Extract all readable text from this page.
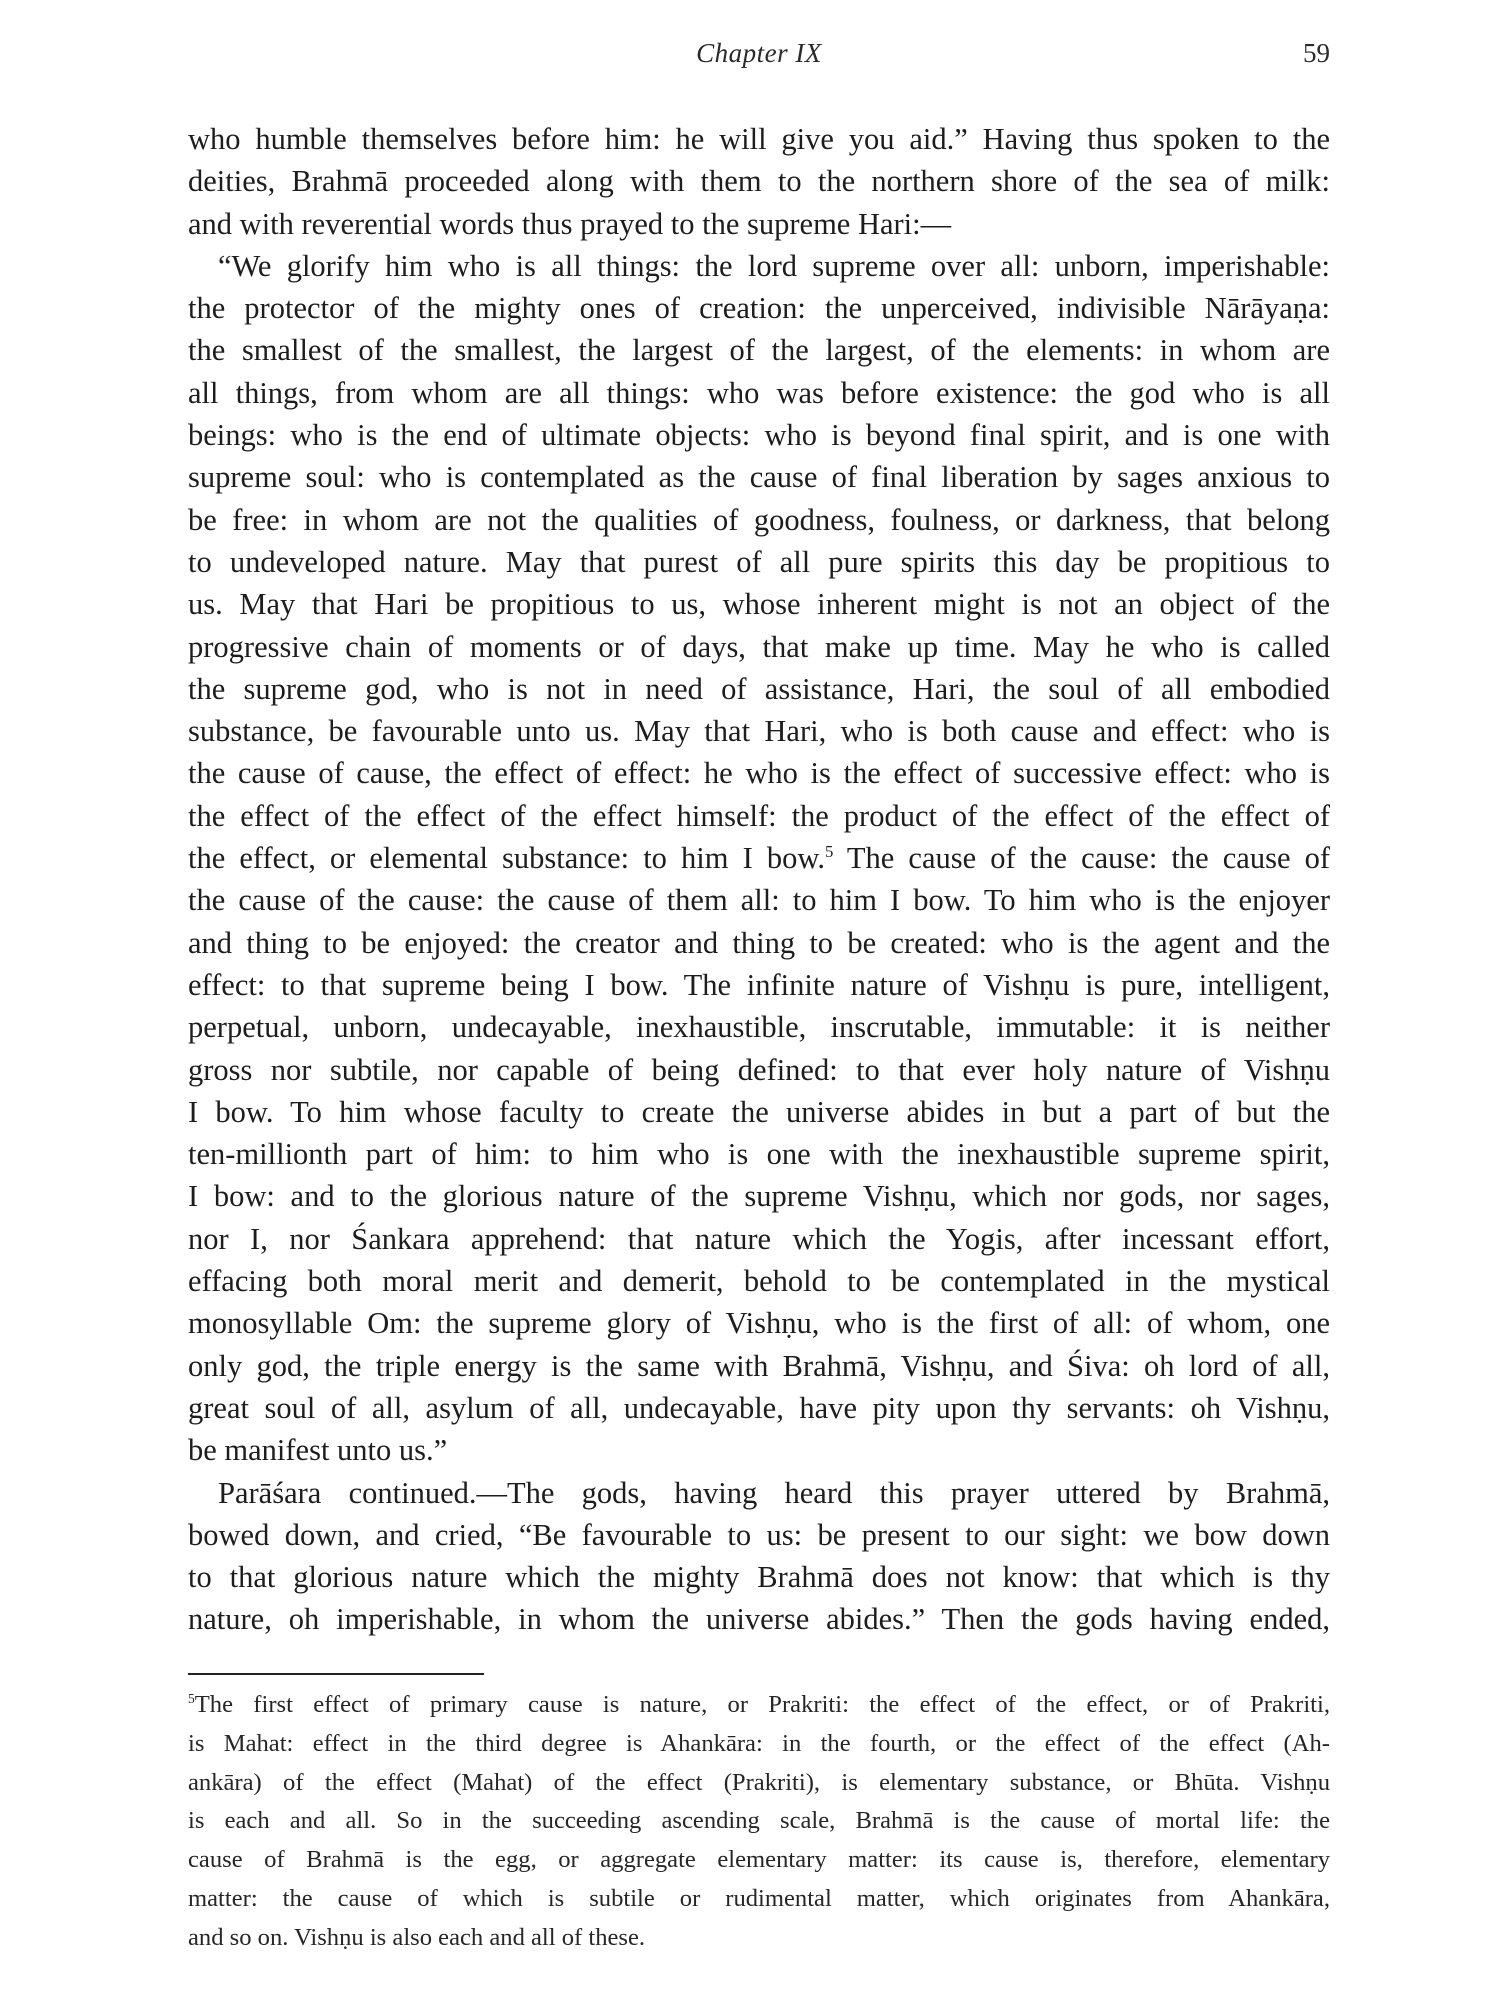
Chapter IX	59
who humble themselves before him: he will give you aid.” Having thus spoken to the
deities, Brahmā proceeded along with them to the northern shore of the sea of milk:
and with reverential words thus prayed to the supreme Hari:—
“We glorify him who is all things: the lord supreme over all: unborn, imperishable:
the protector of the mighty ones of creation: the unperceived, indivisible Nārāyaṇa:
the smallest of the smallest, the largest of the largest, of the elements: in whom are
all things, from whom are all things: who was before existence: the god who is all
beings: who is the end of ultimate objects: who is beyond final spirit, and is one with
supreme soul: who is contemplated as the cause of final liberation by sages anxious to
be free: in whom are not the qualities of goodness, foulness, or darkness, that belong
to undeveloped nature. May that purest of all pure spirits this day be propitious to
us. May that Hari be propitious to us, whose inherent might is not an object of the
progressive chain of moments or of days, that make up time. May he who is called
the supreme god, who is not in need of assistance, Hari, the soul of all embodied
substance, be favourable unto us. May that Hari, who is both cause and effect: who is
the cause of cause, the effect of effect: he who is the effect of successive effect: who is
the effect of the effect of the effect himself: the product of the effect of the effect of
the effect, or elemental substance: to him I bow.$^5$ The cause of the cause: the cause of
the cause of the cause: the cause of them all: to him I bow. To him who is the enjoyer
and thing to be enjoyed: the creator and thing to be created: who is the agent and the
effect: to that supreme being I bow. The infinite nature of Vishṇu is pure, intelligent,
perpetual, unborn, undecayable, inexhaustible, inscrutable, immutable: it is neither
gross nor subtile, nor capable of being defined: to that ever holy nature of Vishṇu
I bow. To him whose faculty to create the universe abides in but a part of but the
ten-millionth part of him: to him who is one with the inexhaustible supreme spirit,
I bow: and to the glorious nature of the supreme Vishṇu, which nor gods, nor sages,
nor I, nor Śankara apprehend: that nature which the Yogis, after incessant effort,
effacing both moral merit and demerit, behold to be contemplated in the mystical
monosyllable Om: the supreme glory of Vishṇu, who is the first of all: of whom, one
only god, the triple energy is the same with Brahmā, Vishṇu, and Śiva: oh lord of all,
great soul of all, asylum of all, undecayable, have pity upon thy servants: oh Vishṇu,
be manifest unto us.”
Parāśara continued.—The gods, having heard this prayer uttered by Brahmā,
bowed down, and cried, “Be favourable to us: be present to our sight: we bow down
to that glorious nature which the mighty Brahmā does not know: that which is thy
nature, oh imperishable, in whom the universe abides.” Then the gods having ended,
$^5$The first effect of primary cause is nature, or Prakriti: the effect of the effect, or of Prakriti,
is Mahat: effect in the third degree is Ahankāra: in the fourth, or the effect of the effect (Ah-
ankāra) of the effect (Mahat) of the effect (Prakriti), is elementary substance, or Bhūta. Vishṇu
is each and all. So in the succeeding ascending scale, Brahmā is the cause of mortal life: the
cause of Brahmā is the egg, or aggregate elementary matter: its cause is, therefore, elementary
matter: the cause of which is subtile or rudimental matter, which originates from Ahankāra,
and so on. Vishṇu is also each and all of these.
